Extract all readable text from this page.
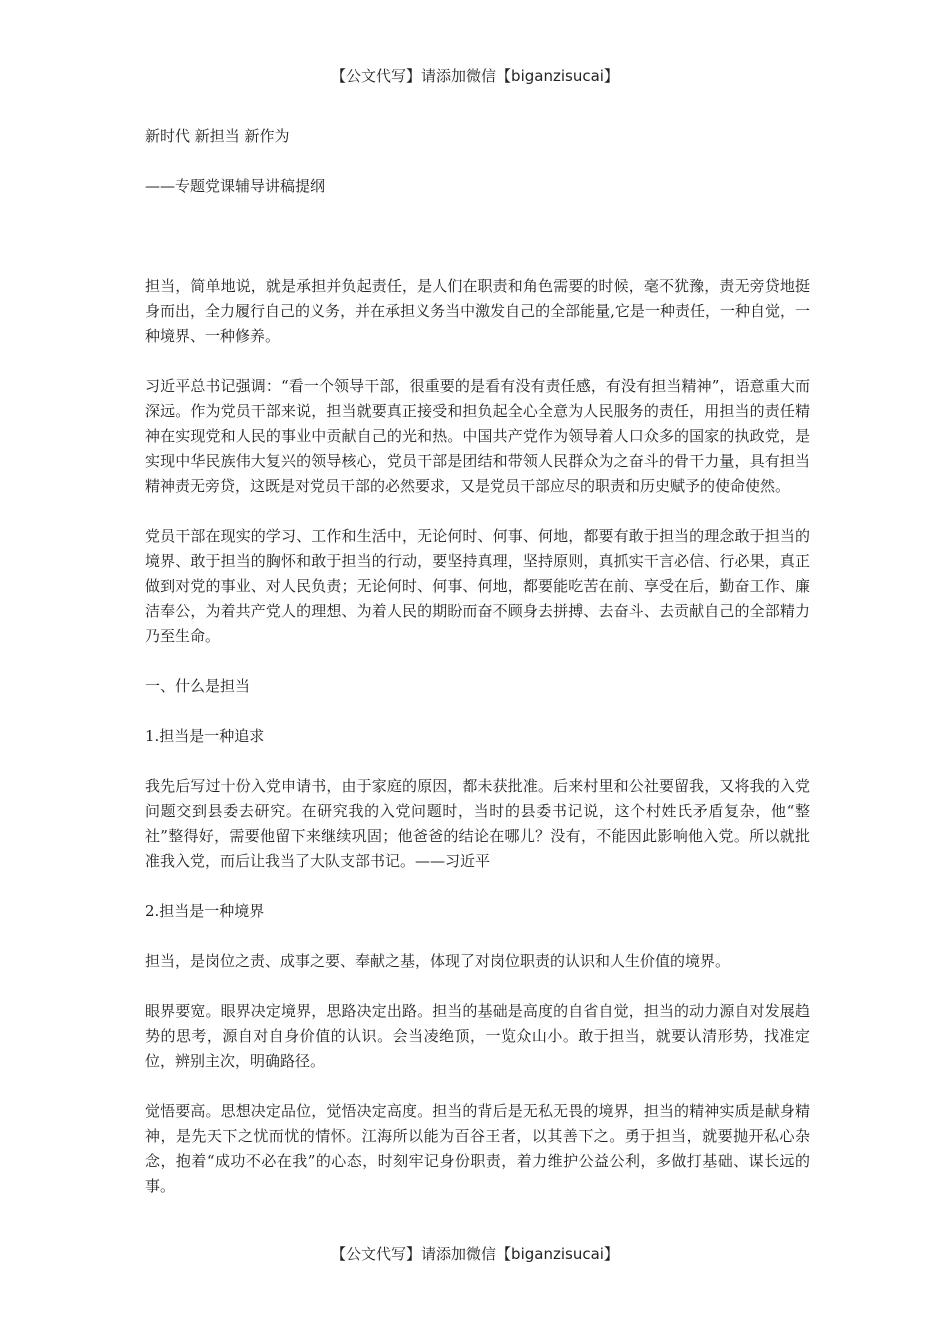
【公文代写】请添加微信【biganzisucai】

新时代 新担当 新作为

——专题党课辅导讲稿提纲

担当，简单地说，就是承担并负起责任，是人们在职责和角色需要的时候，毫不犹豫，责无旁贷地挺身而出，全力履行自己的义务，并在承担义务当中激发自己的全部能量,它是一种责任，一种自觉，一种境界、一种修养。

习近平总书记强调：“看一个领导干部，很重要的是看有没有责任感，有没有担当精神”，语意重大而深远。作为党员干部来说，担当就要真正接受和担负起全心全意为人民服务的责任，用担当的责任精神在实现党和人民的事业中贡献自己的光和热。中国共产党作为领导着人口众多的国家的执政党，是实现中华民族伟大复兴的领导核心，党员干部是团结和带领人民群众为之奋斗的骨干力量，具有担当精神责无旁贷，这既是对党员干部的必然要求，又是党员干部应尽的职责和历史赋予的使命使然。

党员干部在现实的学习、工作和生活中，无论何时、何事、何地，都要有敢于担当的理念敢于担当的境界、敢于担当的胸怀和敢于担当的行动，要坚持真理，坚持原则，真抓实干言必信、行必果，真正做到对党的事业、对人民负责；无论何时、何事、何地，都要能吃苦在前、享受在后，勤奋工作、廉洁奉公，为着共产党人的理想、为着人民的期盼而奋不顾身去拼搏、去奋斗、去贡献自己的全部精力乃至生命。

一、什么是担当

1.担当是一种追求

我先后写过十份入党申请书，由于家庭的原因，都未获批准。后来村里和公社要留我，又将我的入党问题交到县委去研究。在研究我的入党问题时，当时的县委书记说，这个村姓氏矛盾复杂，他“整社”整得好，需要他留下来继续巩固；他爸爸的结论在哪儿？没有，不能因此影响他入党。所以就批准我入党，而后让我当了大队支部书记。——习近平

2.担当是一种境界

担当，是岗位之责、成事之要、奉献之基，体现了对岗位职责的认识和人生价值的境界。

眼界要宽。眼界决定境界，思路决定出路。担当的基础是高度的自省自觉，担当的动力源自对发展趋势的思考，源自对自身价值的认识。会当凌绝顶，一览众山小。敢于担当，就要认清形势，找准定位，辨别主次，明确路径。

觉悟要高。思想决定品位，觉悟决定高度。担当的背后是无私无畏的境界，担当的精神实质是献身精神，是先天下之忧而忧的情怀。江海所以能为百谷王者，以其善下之。勇于担当，就要抛开私心杂念，抱着“成功不必在我”的心态，时刻牢记身份职责，着力维护公益公利，多做打基础、谋长远的事。

【公文代写】请添加微信【biganzisucai】
